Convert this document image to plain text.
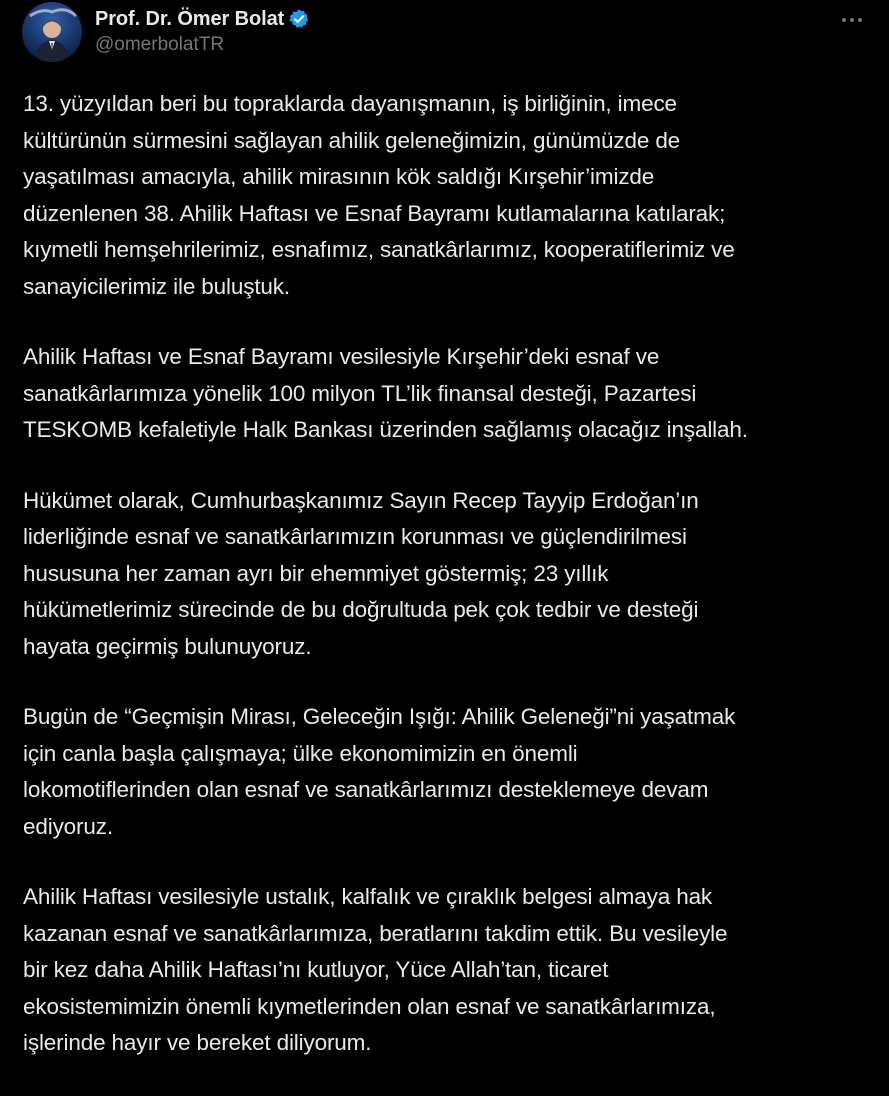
Prof. Dr. Ömer Bolat
@omerbolatTR

13. yüzyıldan beri bu topraklarda dayanışmanın, iş birliğinin, imece
kültürünün sürmesini sağlayan ahilik geleneğimizin, günümüzde de
yaşatılması amacıyla, ahilik mirasının kök saldığı Kırşehir’imizde
düzenlenen 38. Ahilik Haftası ve Esnaf Bayramı kutlamalarına katılarak;
kıymetli hemşehrilerimiz, esnafımız, sanatkârlarımız, kooperatiflerimiz ve
sanayicilerimiz ile buluştuk.

Ahilik Haftası ve Esnaf Bayramı vesilesiyle Kırşehir’deki esnaf ve
sanatkârlarımıza yönelik 100 milyon TL’lik finansal desteği, Pazartesi
TESKOMB kefaletiyle Halk Bankası üzerinden sağlamış olacağız inşallah.

Hükümet olarak, Cumhurbaşkanımız Sayın Recep Tayyip Erdoğan’ın
liderliğinde esnaf ve sanatkârlarımızın korunması ve güçlendirilmesi
hususuna her zaman ayrı bir ehemmiyet göstermiş; 23 yıllık
hükümetlerimiz sürecinde de bu doğrultuda pek çok tedbir ve desteği
hayata geçirmiş bulunuyoruz.

Bugün de “Geçmişin Mirası, Geleceğin Işığı: Ahilik Geleneği”ni yaşatmak
için canla başla çalışmaya; ülke ekonomimizin en önemli
lokomotiflerinden olan esnaf ve sanatkârlarımızı desteklemeye devam
ediyoruz.

Ahilik Haftası vesilesiyle ustalık, kalfalık ve çıraklık belgesi almaya hak
kazanan esnaf ve sanatkârlarımıza, beratlarını takdim ettik. Bu vesileyle
bir kez daha Ahilik Haftası’nı kutluyor, Yüce Allah’tan, ticaret
ekosistemimizin önemli kıymetlerinden olan esnaf ve sanatkârlarımıza,
işlerinde hayır ve bereket diliyorum.
